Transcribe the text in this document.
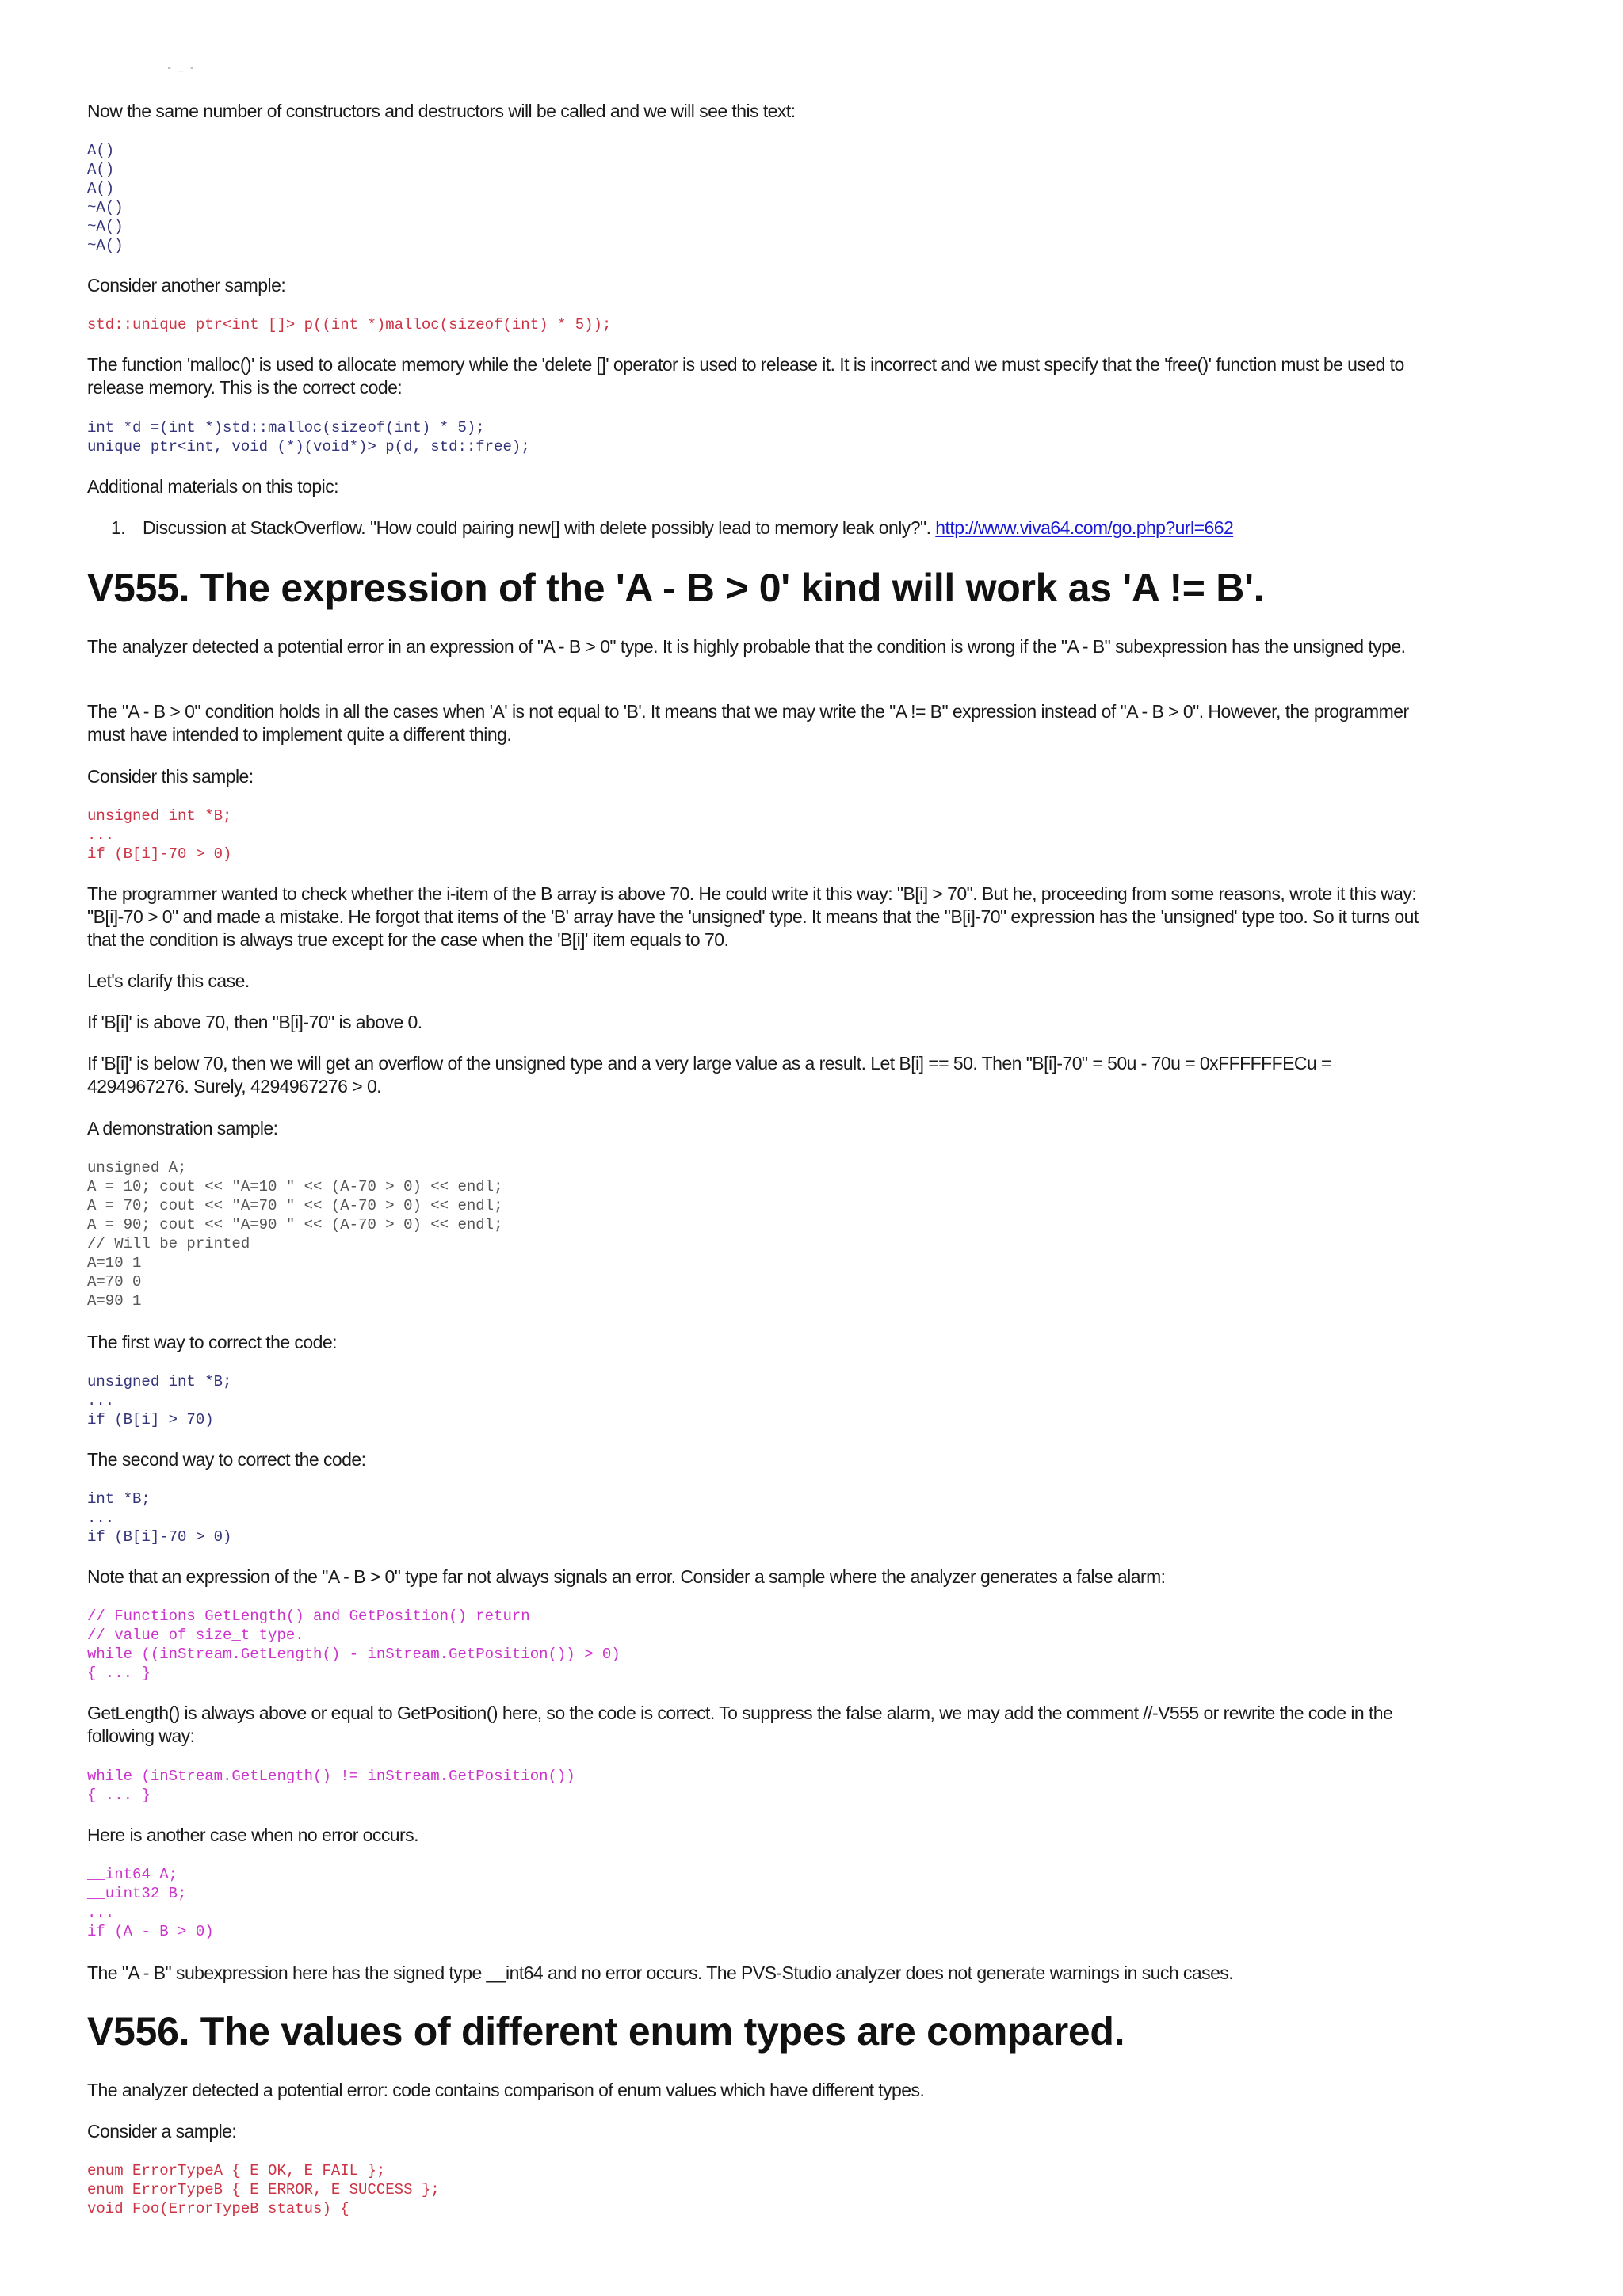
- _ -

Now the same number of constructors and destructors will be called and we will see this text:

A()
A()
A()
~A()
~A()
~A()

Consider another sample:

std::unique_ptr<int []> p((int *)malloc(sizeof(int) * 5));

The function 'malloc()' is used to allocate memory while the 'delete []' operator is used to release it. It is incorrect and we must specify that the 'free()' function must be used to release memory. This is the correct code:

int *d =(int *)std::malloc(sizeof(int) * 5);
unique_ptr<int, void (*)(void*)> p(d, std::free);

Additional materials on this topic:

1. Discussion at StackOverflow. "How could pairing new[] with delete possibly lead to memory leak only?". http://www.viva64.com/go.php?url=662
V555. The expression of the 'A - B > 0' kind will work as 'A != B'.

The analyzer detected a potential error in an expression of "A - B > 0" type. It is highly probable that the condition is wrong if the "A - B" subexpression has the unsigned type.

The "A - B > 0" condition holds in all the cases when 'A' is not equal to 'B'. It means that we may write the "A != B" expression instead of "A - B > 0". However, the programmer must have intended to implement quite a different thing.

Consider this sample:

unsigned int *B;
...
if (B[i]-70 > 0)

The programmer wanted to check whether the i-item of the B array is above 70. He could write it this way: "B[i] > 70". But he, proceeding from some reasons, wrote it this way: "B[i]-70 > 0" and made a mistake. He forgot that items of the 'B' array have the 'unsigned' type. It means that the "B[i]-70" expression has the 'unsigned' type too. So it turns out that the condition is always true except for the case when the 'B[i]' item equals to 70.

Let's clarify this case.

If 'B[i]' is above 70, then "B[i]-70" is above 0.

If 'B[i]' is below 70, then we will get an overflow of the unsigned type and a very large value as a result. Let B[i] == 50. Then "B[i]-70" = 50u - 70u = 0xFFFFFFECu = 4294967276. Surely, 4294967276 > 0.

A demonstration sample:

unsigned A;
A = 10; cout << "A=10 " << (A-70 > 0) << endl;
A = 70; cout << "A=70 " << (A-70 > 0) << endl;
A = 90; cout << "A=90 " << (A-70 > 0) << endl;
// Will be printed
A=10 1
A=70 0
A=90 1

The first way to correct the code:

unsigned int *B;
...
if (B[i] > 70)

The second way to correct the code:

int *B;
...
if (B[i]-70 > 0)

Note that an expression of the "A - B > 0" type far not always signals an error. Consider a sample where the analyzer generates a false alarm:

// Functions GetLength() and GetPosition() return
// value of size_t type.
while ((inStream.GetLength() - inStream.GetPosition()) > 0)
{ ... }

GetLength() is always above or equal to GetPosition() here, so the code is correct. To suppress the false alarm, we may add the comment //-V555 or rewrite the code in the following way:

while (inStream.GetLength() != inStream.GetPosition())
{ ... }

Here is another case when no error occurs.

__int64 A;
__uint32 B;
...
if (A - B > 0)

The "A - B" subexpression here has the signed type __int64 and no error occurs. The PVS-Studio analyzer does not generate warnings in such cases.

V556. The values of different enum types are compared.

The analyzer detected a potential error: code contains comparison of enum values which have different types.

Consider a sample:

enum ErrorTypeA { E_OK, E_FAIL };
enum ErrorTypeB { E_ERROR, E_SUCCESS };
void Foo(ErrorTypeB status) {
